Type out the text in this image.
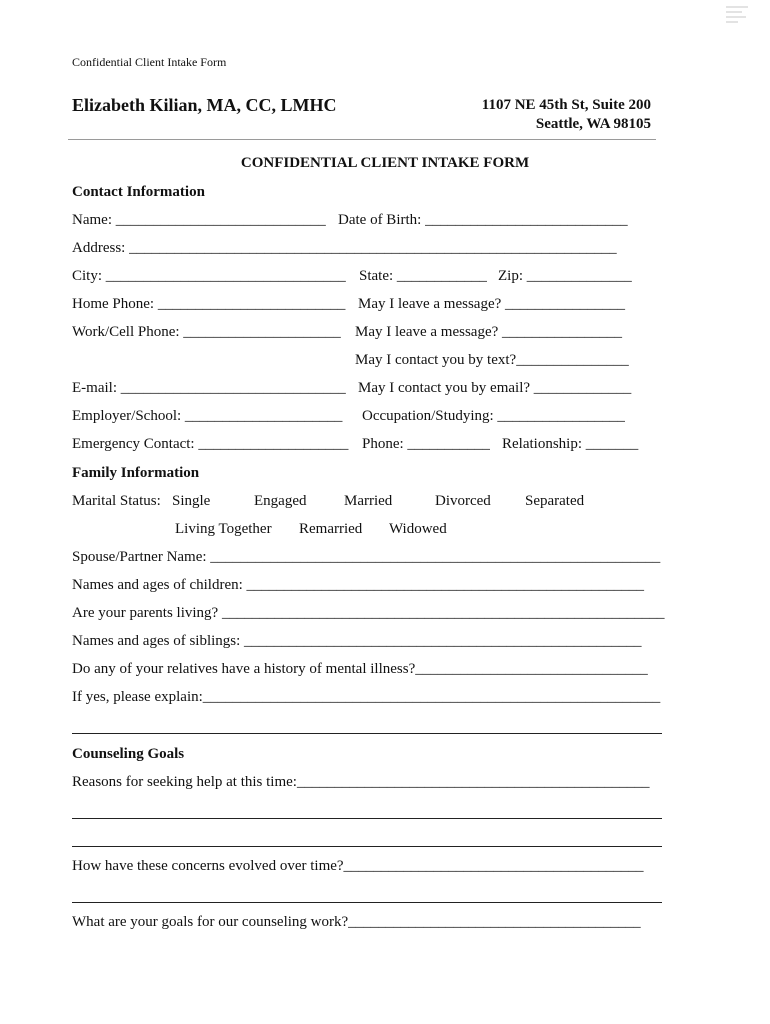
Confidential Client Intake Form
Elizabeth Kilian, MA, CC, LMHC	1107 NE 45th St, Suite 200
Seattle, WA 98105
CONFIDENTIAL CLIENT INTAKE FORM
Contact Information
Name: ____________________________ Date of Birth: ___________________________
Address: _________________________________________________________________
City: ________________________________ State: ____________ Zip: ______________
Home Phone: _________________________ May I leave a message? ________________
Work/Cell Phone: _____________________ May I leave a message? ________________
May I contact you by text?_______________
E-mail: ______________________________ May I contact you by email? _____________
Employer/School: _____________________ Occupation/Studying: _________________
Emergency Contact: ____________________ Phone: ___________ Relationship: _______
Family Information
Marital Status: Single	Engaged	Married	Divorced Separated
Living Together Remarried Widowed
Spouse/Partner Name: ____________________________________________________________
Names and ages of children: _____________________________________________________
Are your parents living? ___________________________________________________________
Names and ages of siblings: _____________________________________________________
Do any of your relatives have a history of mental illness?_______________________________
If yes, please explain:_____________________________________________________________
Counseling Goals
Reasons for seeking help at this time:_______________________________________________
How have these concerns evolved over time?________________________________________
What are your goals for our counseling work?_______________________________________
